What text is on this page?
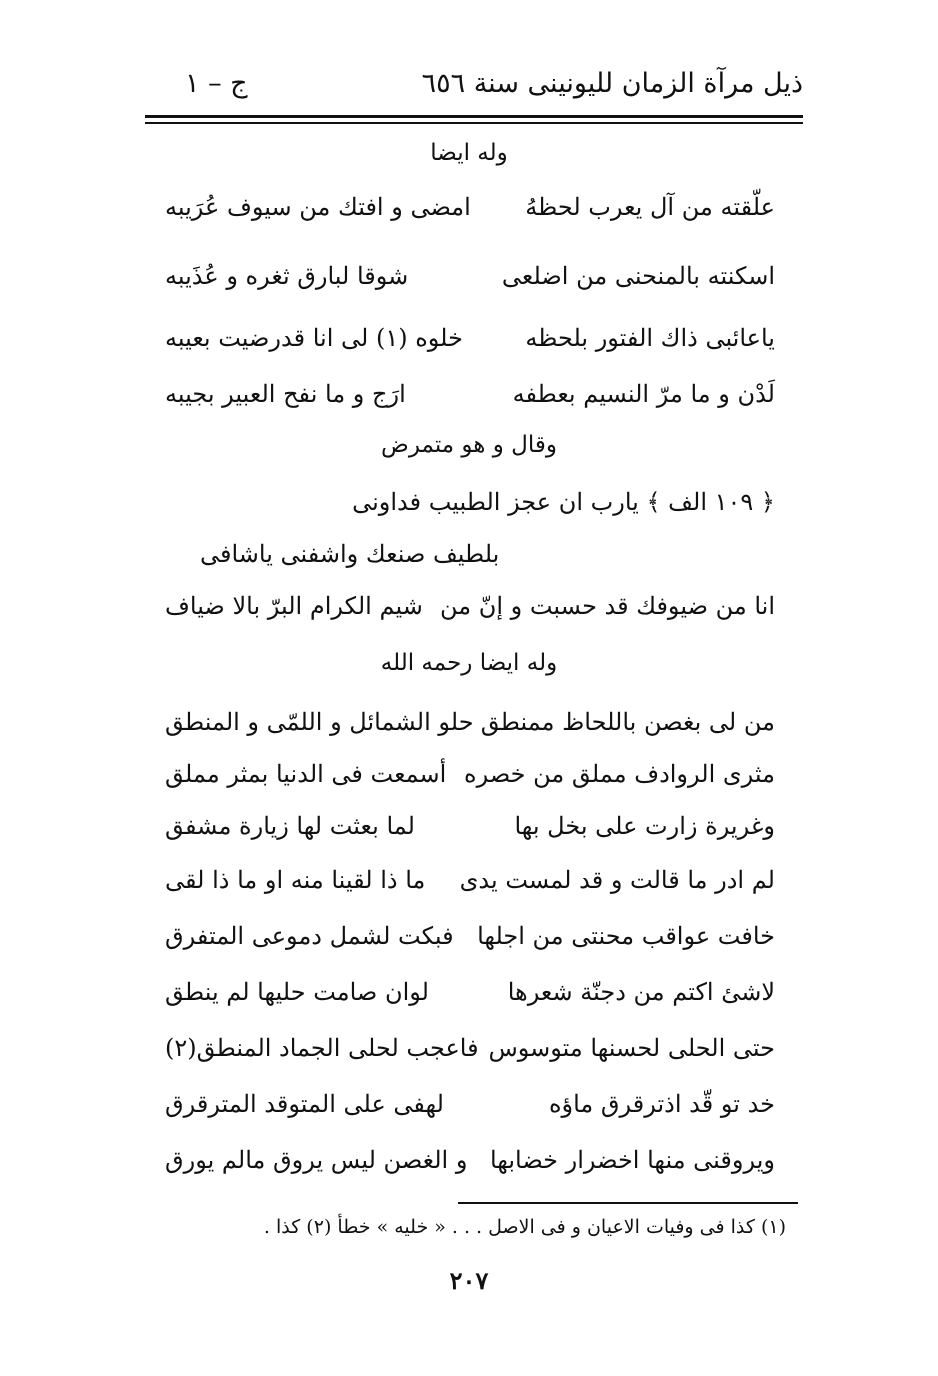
ذيل مرآة الزمان لليونينى سنة ٦٥٦
ج – ١
وله ايضا
علّقته من آل يعرب لحظهُ
امضى و افتك من سيوف عُرَيبه
اسكنته بالمنحنى من اضلعى
شوقا لبارق ثغره و عُذَيبه
ياعائبى ذاك الفتور بلحظه
خلوه (١) لى انا قدرضيت بعيبه
لَدْن و ما مرّ النسيم بعطفه
ارَج و ما نفح العبير بجيبه
وقال و هو متمرض
﴿ ١٠٩ الف ﴾ يارب ان عجز الطبيب فداونى
بلطيف صنعك واشفنى ياشافى
انا من ضيوفك قد حسبت و إنّ من
شيم الكرام البرّ بالا ضياف
وله ايضا رحمه الله
من لى بغصن باللحاظ ممنطق
حلو الشمائل و اللمّى و المنطق
مثرى الروادف مملق من خصره
أسمعت فى الدنيا بمثر مملق
وغريرة زارت على بخل بها
لما بعثت لها زيارة مشفق
لم ادر ما قالت و قد لمست يدى
ما ذا لقينا منه او ما ذا لقى
خافت عواقب محنتى من اجلها
فبكت لشمل دموعى المتفرق
لاشئ اكتم من دجنّة شعرها
لوان صامت حليها لم ينطق
حتى الحلى لحسنها متوسوس
فاعجب لحلى الجماد المنطق(٢)
خد تو قّد اذترقرق ماؤه
لهفى على المتوقد المترقرق
ويروقنى منها اخضرار خضابها
و الغصن ليس يروق مالم يورق
(١) كذا فى وفيات الاعيان و فى الاصل . . . « خليه » خطأ (٢) كذا .
٢٠٧
